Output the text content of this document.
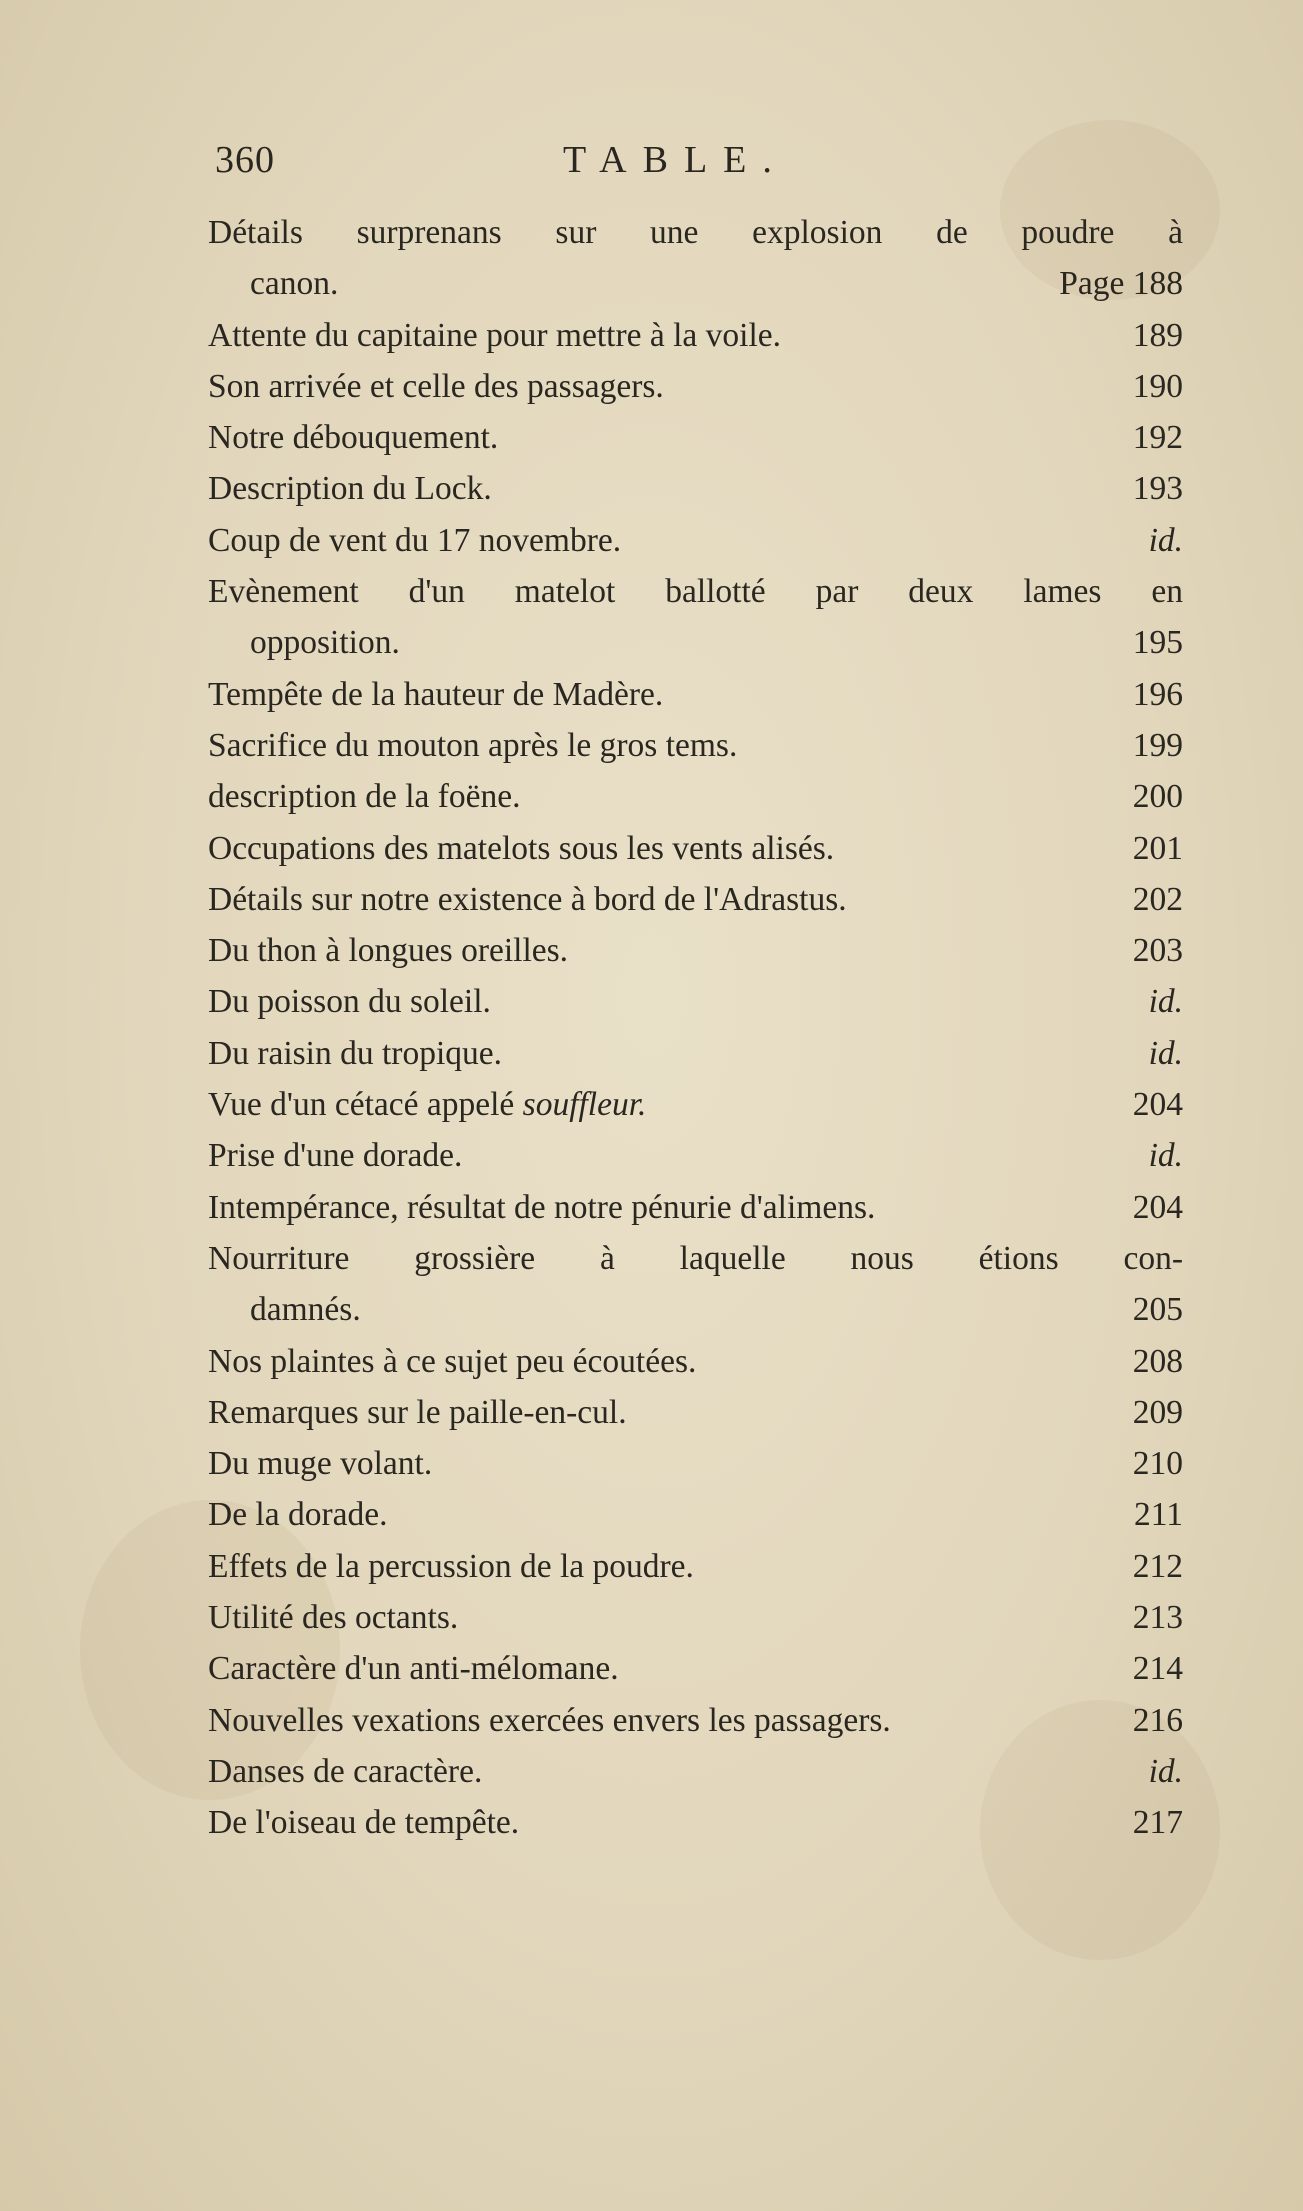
360	TABLE.
Détails surprenans sur une explosion de poudre à
canon.	Page 188
Attente du capitaine pour mettre à la voile.	189
Son arrivée et celle des passagers.	190
Notre débouquement.	192
Description du Lock.	193
Coup de vent du 17 novembre.	id.
Evènement d'un matelot ballotté par deux lames en
opposition.	195
Tempête de la hauteur de Madère.	196
Sacrifice du mouton après le gros tems.	199
description de la foëne.	200
Occupations des matelots sous les vents alisés.	201
Détails sur notre existence à bord de l'Adrastus.	202
Du thon à longues oreilles.	203
Du poisson du soleil.	id.
Du raisin du tropique.	id.
Vue d'un cétacé appelé souffleur.	204
Prise d'une dorade.	id.
Intempérance, résultat de notre pénurie d'alimens.	204
Nourriture grossière à laquelle nous étions con-
damnés.	205
Nos plaintes à ce sujet peu écoutées.	208
Remarques sur le paille-en-cul.	209
Du muge volant.	210
De la dorade.	211
Effets de la percussion de la poudre.	212
Utilité des octants.	213
Caractère d'un anti-mélomane.	214
Nouvelles vexations exercées envers les passagers.	216
Danses de caractère.	id.
De l'oiseau de tempête.	217
